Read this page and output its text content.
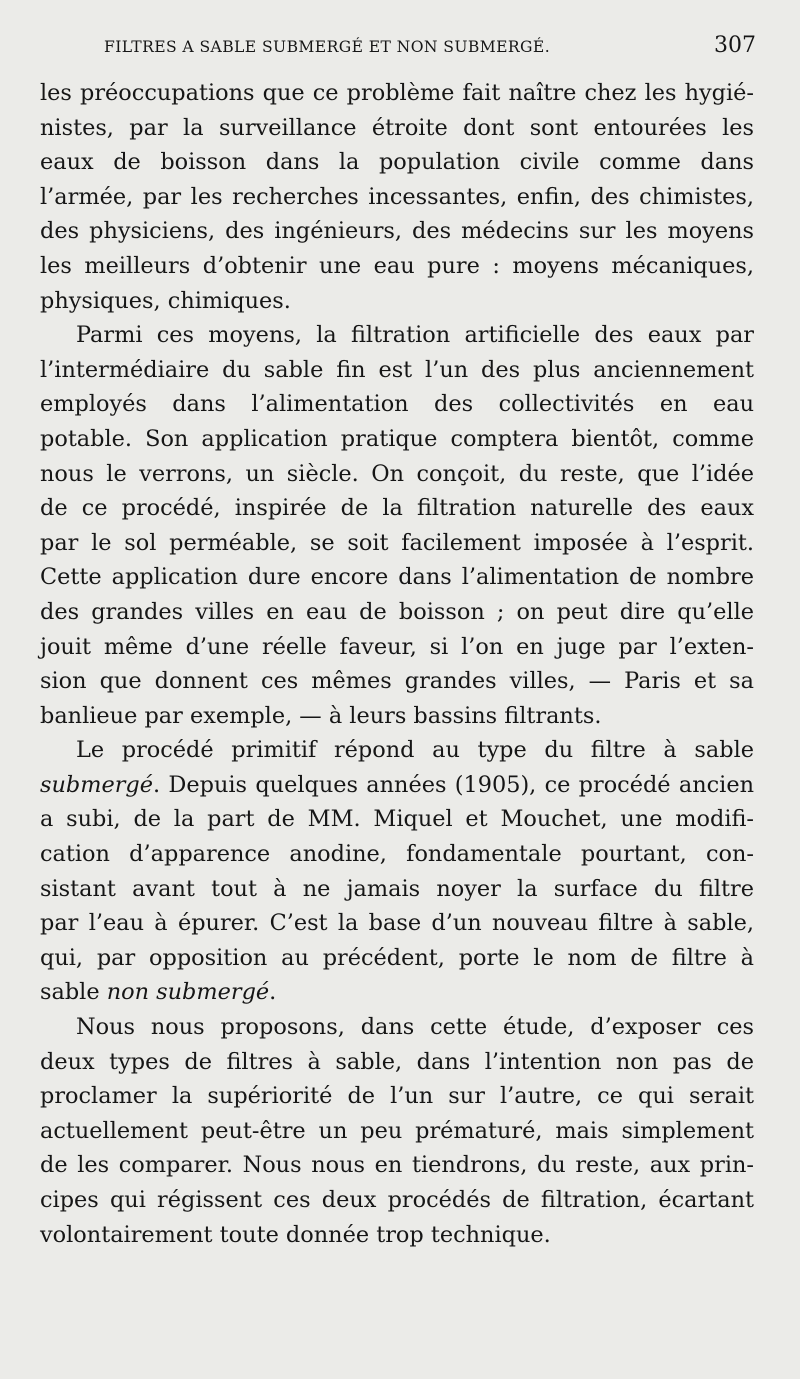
FILTRES A SABLE SUBMERGÉ ET NON SUBMERGÉ.	307

les préoccupations que ce problème fait naître chez les hygié-
nistes, par la surveillance étroite dont sont entourées les
eaux de boisson dans la population civile comme dans
l’armée, par les recherches incessantes, enfin, des chimistes,
des physiciens, des ingénieurs, des médecins sur les moyens
les meilleurs d’obtenir une eau pure : moyens mécaniques,
physiques, chimiques.

Parmi ces moyens, la filtration artificielle des eaux par
l’intermédiaire du sable fin est l’un des plus anciennement
employés dans l’alimentation des collectivités en eau
potable. Son application pratique comptera bientôt, comme
nous le verrons, un siècle. On conçoit, du reste, que l’idée
de ce procédé, inspirée de la filtration naturelle des eaux
par le sol perméable, se soit facilement imposée à l’esprit.
Cette application dure encore dans l’alimentation de nombre
des grandes villes en eau de boisson ; on peut dire qu’elle
jouit même d’une réelle faveur, si l’on en juge par l’exten-
sion que donnent ces mêmes grandes villes, — Paris et sa
banlieue par exemple, — à leurs bassins filtrants.

Le procédé primitif répond au type du filtre à sable
submergé. Depuis quelques années (1905), ce procédé ancien
a subi, de la part de MM. Miquel et Mouchet, une modifi-
cation d’apparence anodine, fondamentale pourtant, con-
sistant avant tout à ne jamais noyer la surface du filtre
par l’eau à épurer. C’est la base d’un nouveau filtre à sable,
qui, par opposition au précédent, porte le nom de filtre à
sable non submergé.

Nous nous proposons, dans cette étude, d’exposer ces
deux types de filtres à sable, dans l’intention non pas de
proclamer la supériorité de l’un sur l’autre, ce qui serait
actuellement peut-être un peu prématuré, mais simplement
de les comparer. Nous nous en tiendrons, du reste, aux prin-
cipes qui régissent ces deux procédés de filtration, écartant
volontairement toute donnée trop technique.
